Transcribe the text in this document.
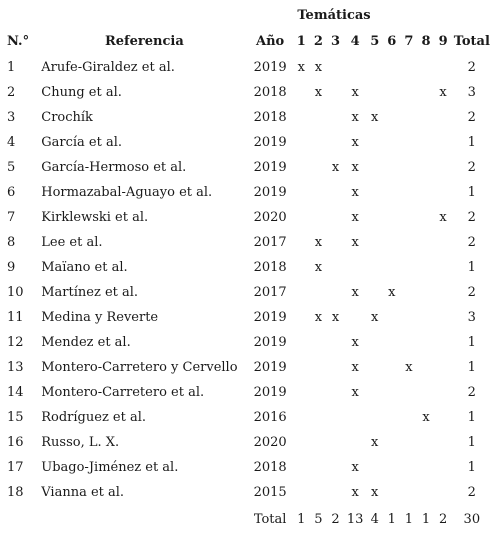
Temáticas
N.°	Referencia	Año	1	2	3	4	5	6	7	8	9	Total
1	Arufe-Giraldez et al.	2019	x	x								2
2	Chung et al.	2018		x		x					x	3
3	Crochík	2018				x	x					2
4	García et al.	2019				x						1
5	García-Hermoso et al.	2019			x	x						2
6	Hormazabal-Aguayo et al.	2019				x						1
7	Kirklewski et al.	2020				x					x	2
8	Lee et al.	2017		x		x						2
9	Maïano et al.	2018		x								1
10	Martínez et al.	2017				x		x				2
11	Medina y Reverte	2019		x	x		x					3
12	Mendez et al.	2019				x						1
13	Montero-Carretero y Cervello	2019				x			x			1
14	Montero-Carretero et al.	2019				x						2
15	Rodríguez et al.	2016								x		1
16	Russo, L. X.	2020					x					1
17	Ubago-Jiménez et al.	2018				x						1
18	Vianna et al.	2015				x	x					2
		Total	1	5	2	13	4	1	1	1	2	30
